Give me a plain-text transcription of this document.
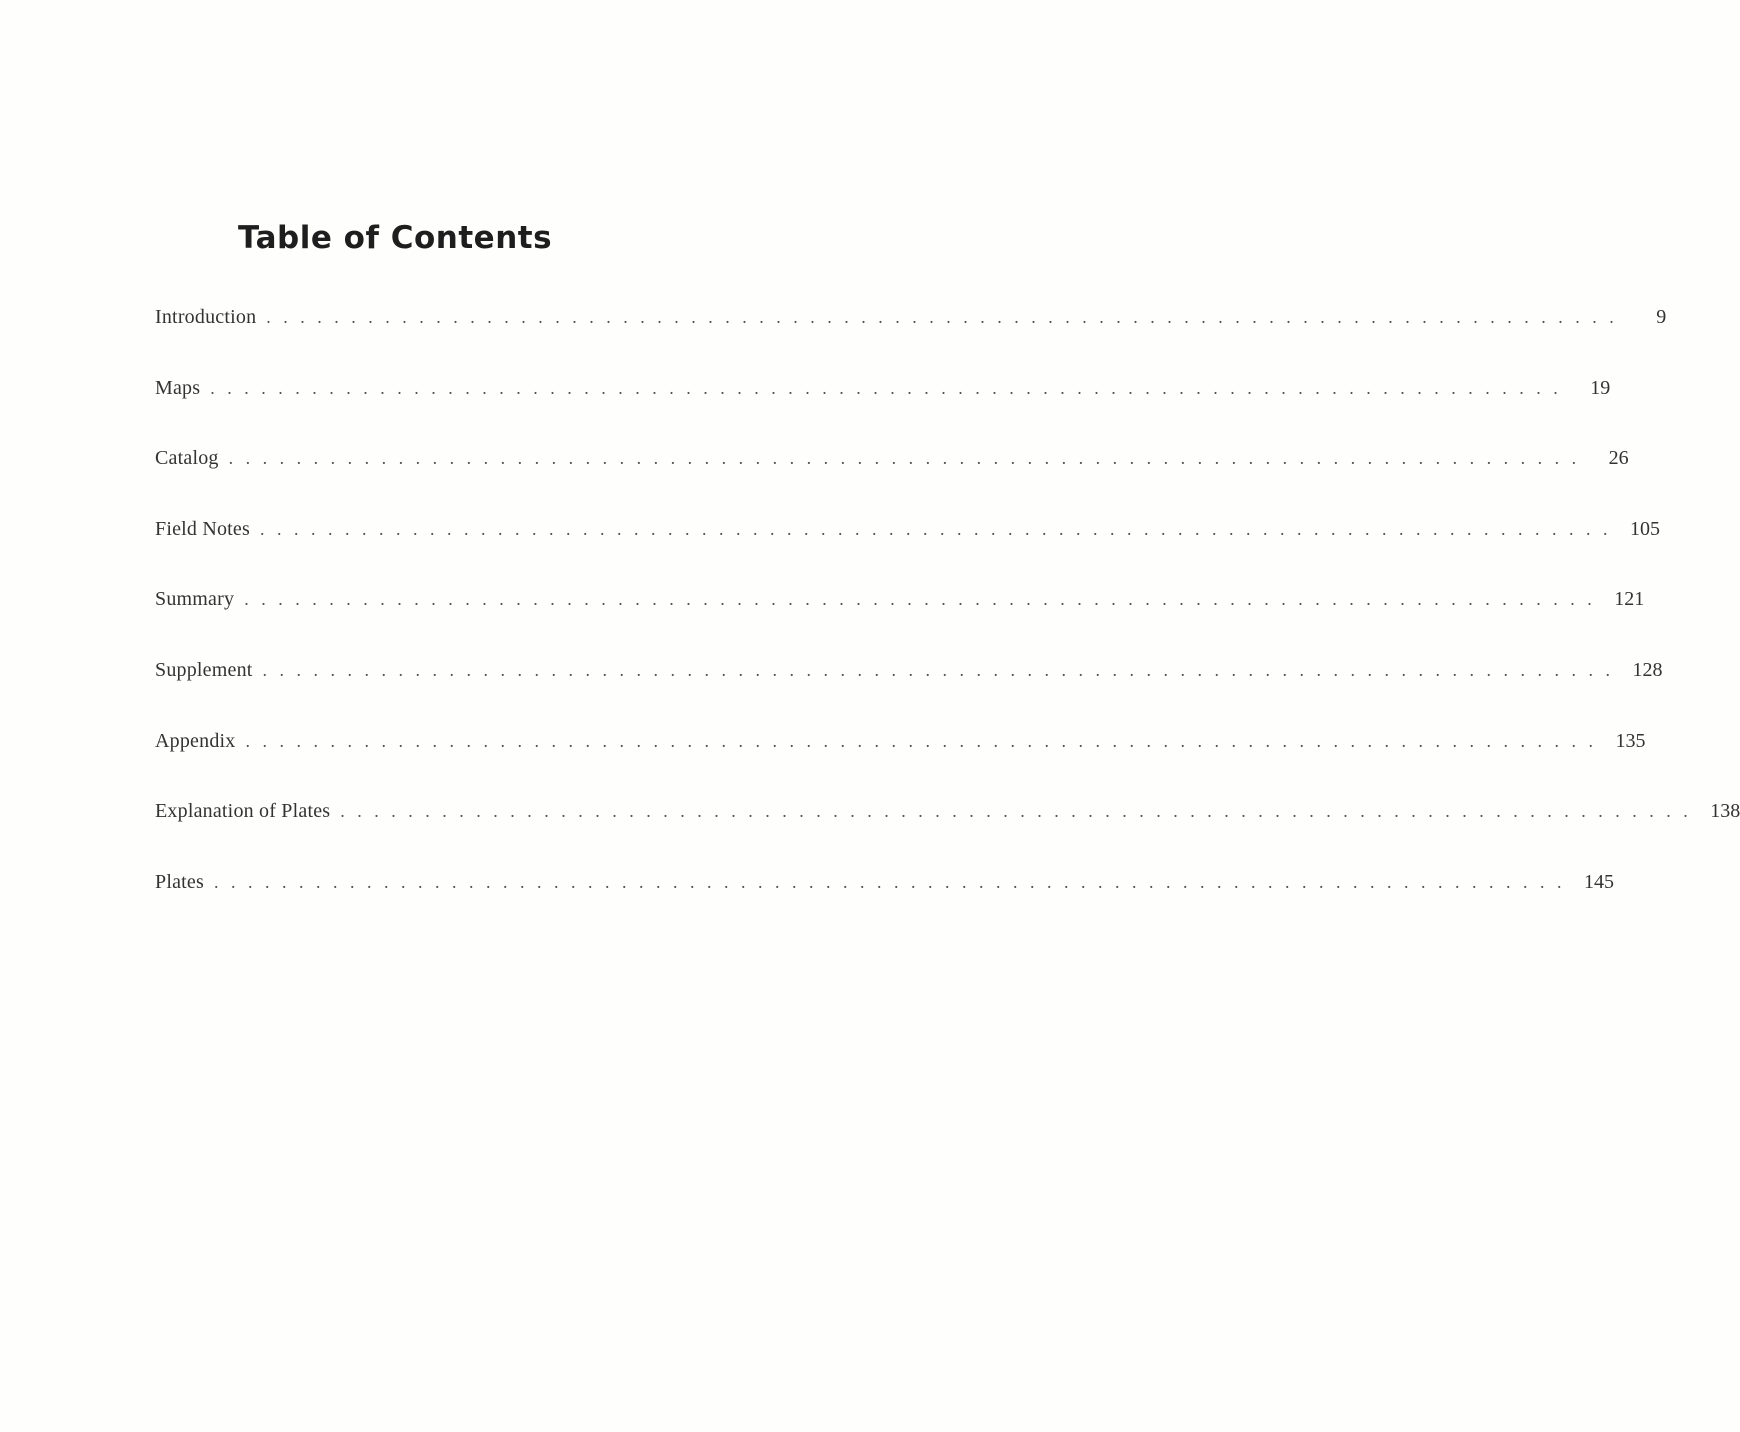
Table of Contents
Introduction ................................................................................	9
Maps ................................................................................	19
Catalog ................................................................................	26
Field Notes ................................................................................ 105
Summary ................................................................................ 121
Supplement ................................................................................ 128
Appendix ................................................................................ 135
Explanation of Plates ................................................................................ 138
Plates ................................................................................ 145
